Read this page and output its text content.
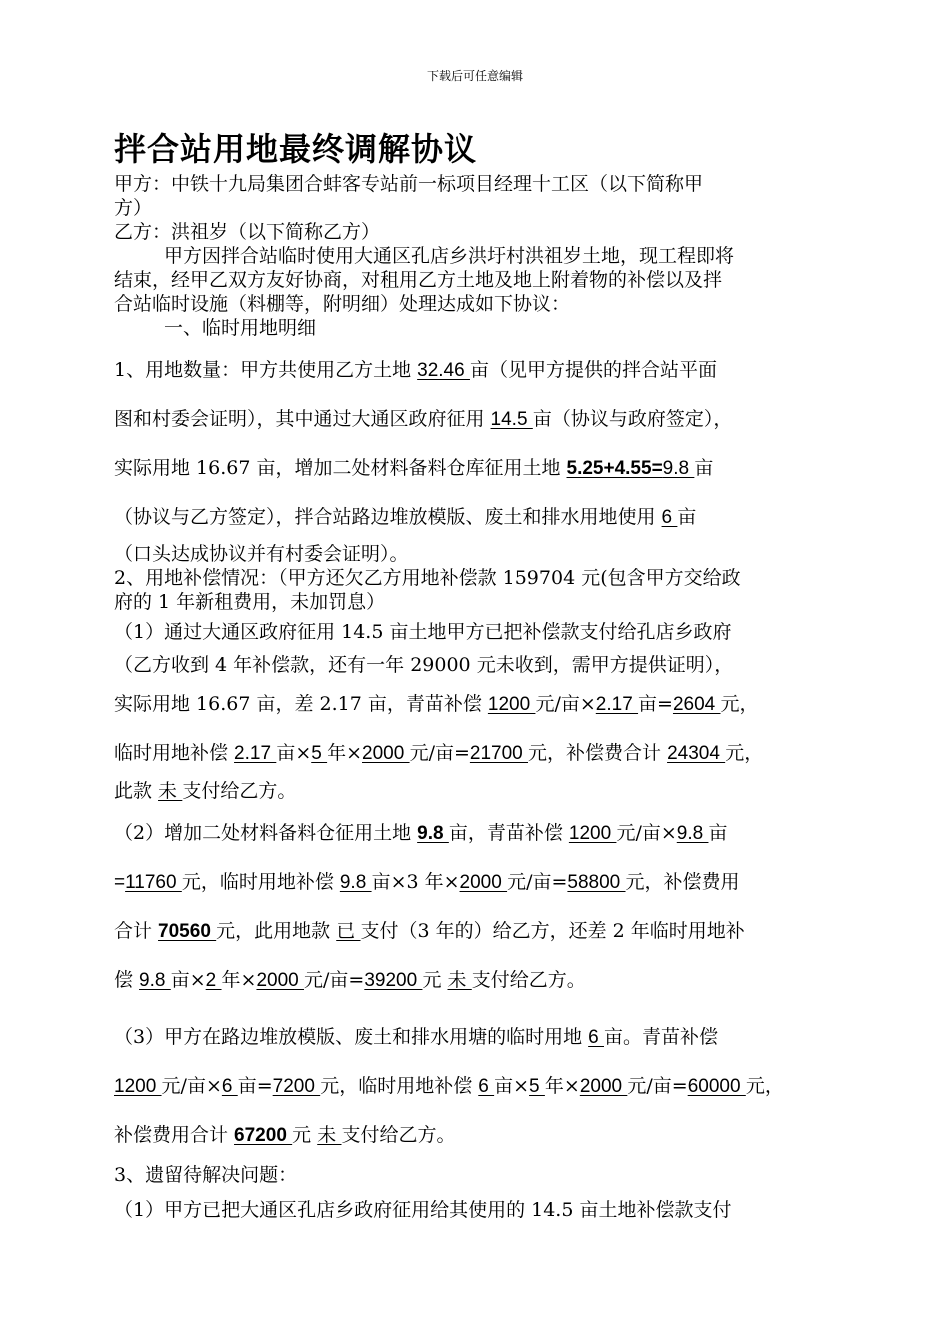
下载后可任意编辑
拌合站用地最终调解协议

甲方：中铁十九局集团合蚌客专站前一标项目经理十工区（以下简称甲

方）

乙方：洪祖岁（以下简称乙方）

甲方因拌合站临时使用大通区孔店乡洪圩村洪祖岁土地，现工程即将

结束，经甲乙双方友好协商，对租用乙方土地及地上附着物的补偿以及拌

合站临时设施（料棚等，附明细）处理达成如下协议：

一、临时用地明细

1、用地数量：甲方共使用乙方土地 32.46 亩（见甲方提供的拌合站平面

图和村委会证明），其中通过大通区政府征用 14.5 亩（协议与政府签定），

实际用地 16.67 亩，增加二处材料备料仓库征用土地 5.25+4.55=9.8 亩

（协议与乙方签定），拌合站路边堆放模版、废土和排水用地使用 6 亩

（口头达成协议并有村委会证明）。

2、用地补偿情况：（甲方还欠乙方用地补偿款 159704 元(包含甲方交给政

府的 1 年新租费用，未加罚息）

（1）通过大通区政府征用 14.5 亩土地甲方已把补偿款支付给孔店乡政府

（乙方收到 4 年补偿款，还有一年 29000 元未收到，需甲方提供证明），

实际用地 16.67 亩，差 2.17 亩，青苗补偿 1200 元/亩×2.17 亩=2604 元，

临时用地补偿 2.17 亩×5 年×2000 元/亩=21700 元，补偿费合计 24304 元，

此款 未 支付给乙方。

（2）增加二处材料备料仓征用土地 9.8 亩，青苗补偿 1200 元/亩×9.8 亩

=11760 元，临时用地补偿 9.8 亩×3 年×2000 元/亩=58800 元，补偿费用

合计 70560 元，此用地款 已 支付（3 年的）给乙方，还差 2 年临时用地补

偿 9.8 亩×2 年×2000 元/亩=39200 元 未 支付给乙方。

（3）甲方在路边堆放模版、废土和排水用塘的临时用地 6 亩。青苗补偿

1200 元/亩×6 亩=7200 元，临时用地补偿 6 亩×5 年×2000 元/亩=60000 元，

补偿费用合计 67200 元 未 支付给乙方。

3、遗留待解决问题：

（1）甲方已把大通区孔店乡政府征用给其使用的 14.5 亩土地补偿款支付
